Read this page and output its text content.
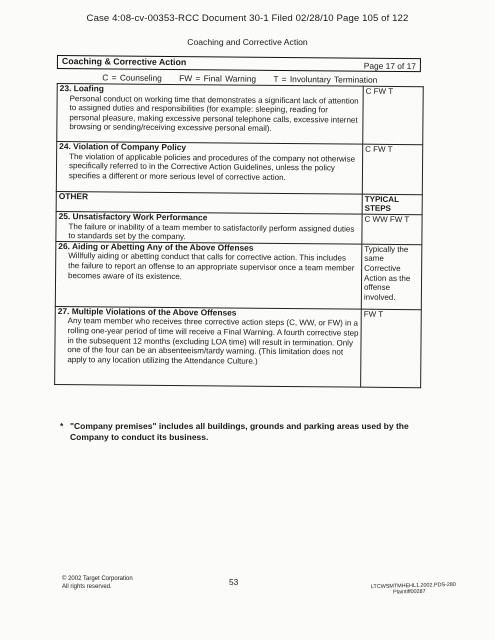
Case 4:08-cv-00353-RCC Document 30-1 Filed 02/28/10 Page 105 of 122
Coaching and Corrective Action
Coaching & Corrective Action	Page 17 of 17
C = Counseling FW = Final Warning T = Involuntary Termination
23. Loafing
Personal conduct on working time that demonstrates a significant lack of attention to assigned duties and responsibilities (for example: sleeping, reading for personal pleasure, making excessive personal telephone calls, excessive internet browsing or sending/receiving excessive personal email).	C FW T

24. Violation of Company Policy
The violation of applicable policies and procedures of the company not otherwise specifically referred to in the Corrective Action Guidelines, unless the policy specifies a different or more serious level of corrective action.	C FW T
OTHER	TYPICAL STEPS

25. Unsatisfactory Work Performance
The failure or inability of a team member to satisfactorily perform assigned duties to standards set by the company.	C WW FW T

26. Aiding or Abetting Any of the Above Offenses
Willfully aiding or abetting conduct that calls for corrective action. This includes the failure to report an offense to an appropriate supervisor once a team member becomes aware of its existence.	Typically the same Corrective Action as the offense involved.

27. Multiple Violations of the Above Offenses
Any team member who receives three corrective action steps (C, WW, or FW) in a rolling one-year period of time will receive a Final Warning. A fourth corrective step in the subsequent 12 months (excluding LOA time) will result in termination. Only one of the four can be an absenteeism/tardy warning. (This limitation does not apply to any location utilizing the Attendance Culture.)	FW T
* "Company premises" includes all buildings, grounds and parking areas used by the Company to conduct its business.
© 2002 Target Corporation
All rights reserved.	53	LTCWSMTMHEHL1.2002.PDS-280
Plaintiff00287
